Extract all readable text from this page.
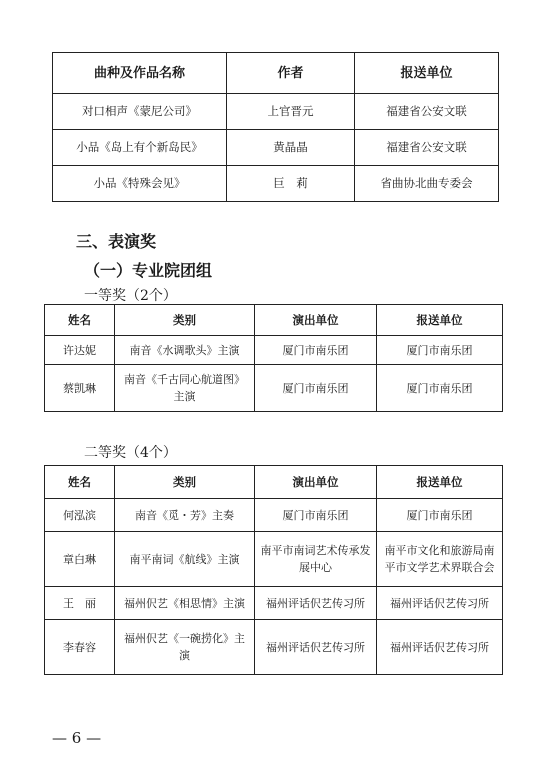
曲种及作品名称	作者	报送单位
对口相声《蒙尼公司》	上官晋元	福建省公安文联
小品《岛上有个新岛民》	黄晶晶	福建省公安文联
小品《特殊会见》	巨　莉	省曲协北曲专委会
三、表演奖
（一）专业院团组
一等奖（2个）
姓名	类别	演出单位	报送单位
许达妮	南音《水调歌头》主演	厦门市南乐团	厦门市南乐团
蔡凯琳	南音《千古同心航道图》主演	厦门市南乐团	厦门市南乐团
二等奖（4个）
姓名	类别	演出单位	报送单位
何泓滨	南音《觅・芳》主奏	厦门市南乐团	厦门市南乐团
章白琳	南平南词《航线》主演	南平市南词艺术传承发展中心	南平市文化和旅游局南平市文学艺术界联合会
王　丽	福州伬艺《相思情》主演	福州评话伬艺传习所	福州评话伬艺传习所
李春容	福州伬艺《一碗捞化》主演	福州评话伬艺传习所	福州评话伬艺传习所
— 6 —
